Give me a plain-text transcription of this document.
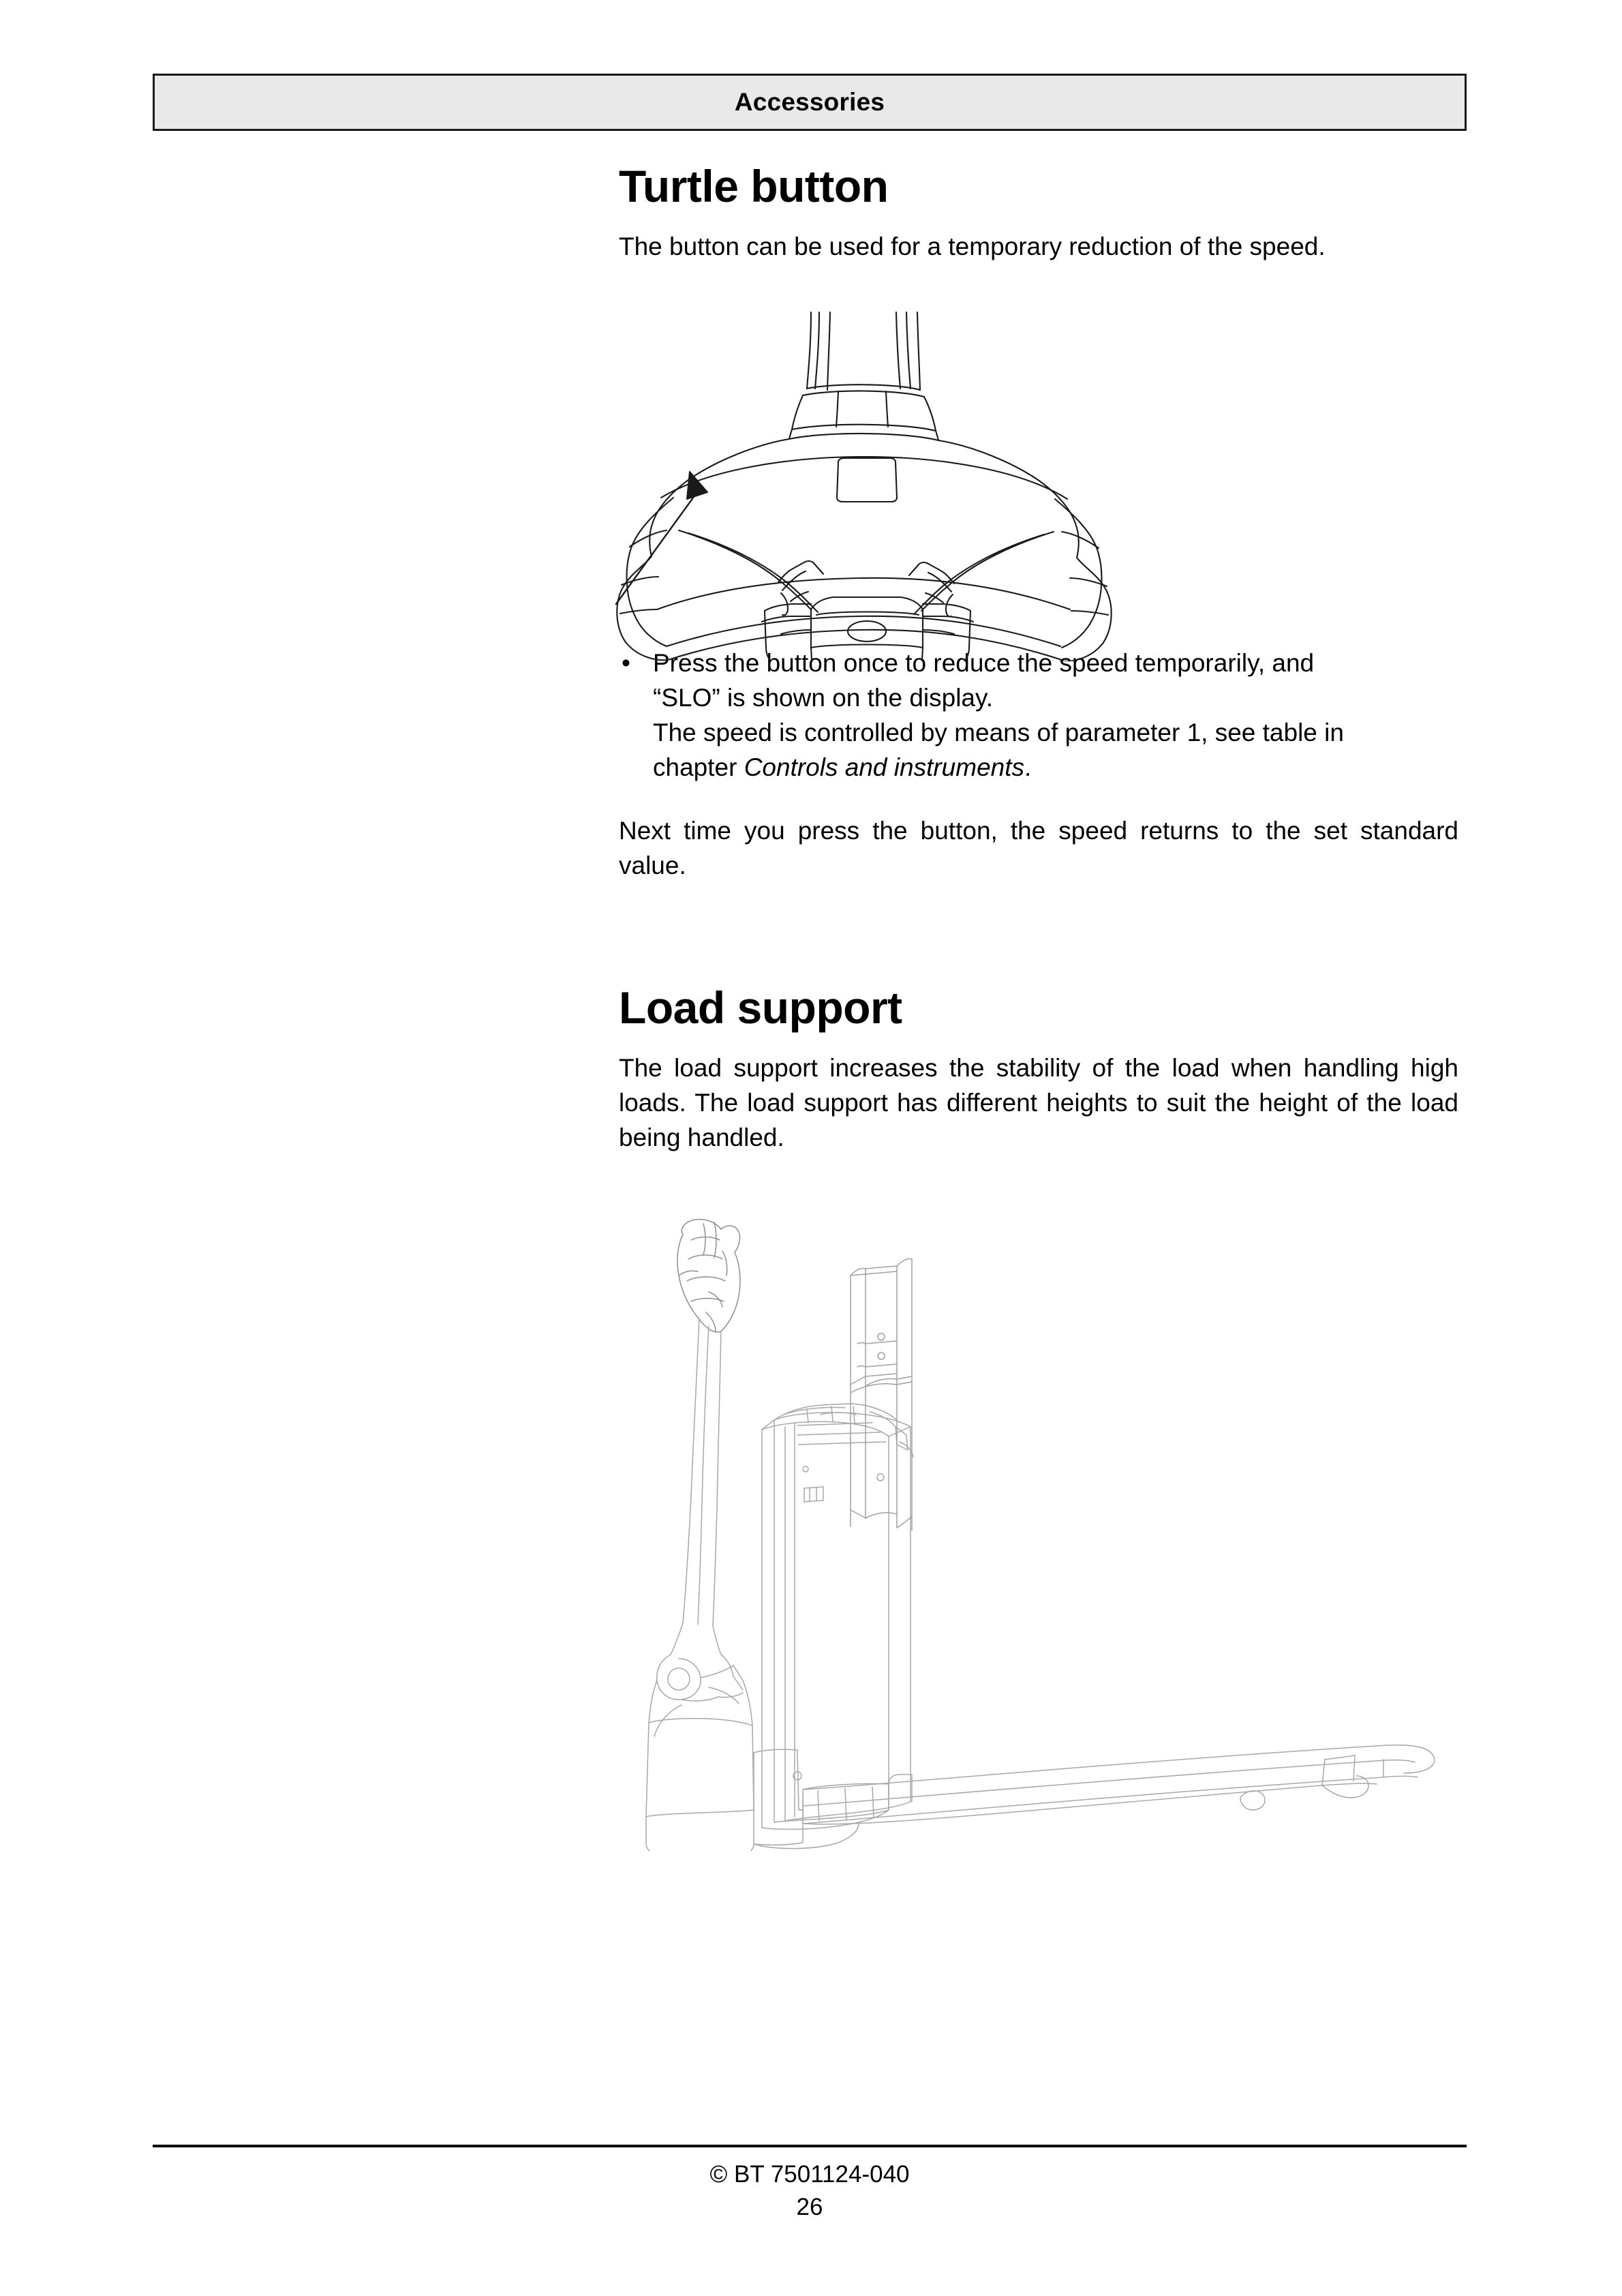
Accessories
Turtle button

The button can be used for a temporary reduction of the speed.

• Press the button once to reduce the speed temporarily, and
“SLO” is shown on the display.
The speed is controlled by means of parameter 1, see table in
chapter Controls and instruments.

Next time you press the button, the speed returns to the set standard value.

Load support

The load support increases the stability of the load when handling high loads. The load support has different heights to suit the height of the load being handled.

© BT 7501124-040
26
